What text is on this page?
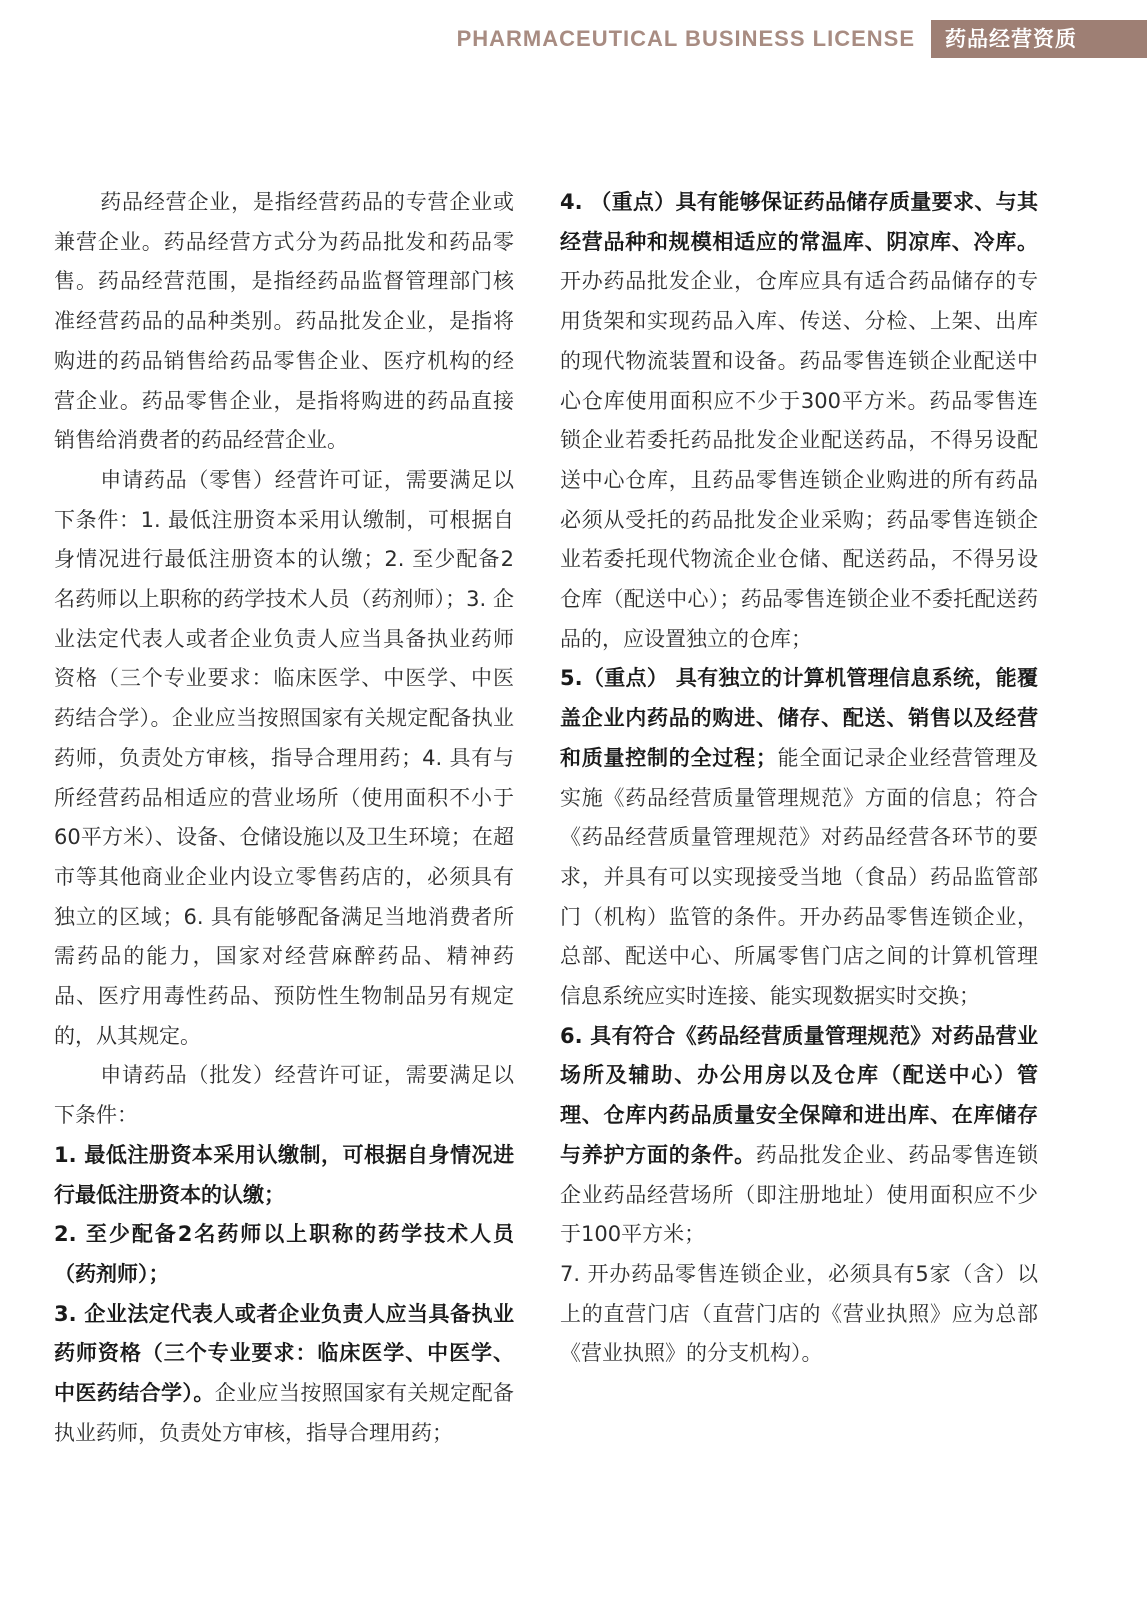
PHARMACEUTICAL BUSINESS LICENSE	药品经营资质

药品经营企业，是指经营药品的专营企业或兼营企业。药品经营方式分为药品批发和药品零售。药品经营范围，是指经药品监督管理部门核准经营药品的品种类别。药品批发企业，是指将购进的药品销售给药品零售企业、医疗机构的经营企业。药品零售企业，是指将购进的药品直接销售给消费者的药品经营企业。

申请药品（零售）经营许可证，需要满足以下条件：1. 最低注册资本采用认缴制，可根据自身情况进行最低注册资本的认缴；2. 至少配备2名药师以上职称的药学技术人员（药剂师）；3. 企业法定代表人或者企业负责人应当具备执业药师资格（三个专业要求：临床医学、中医学、中医药结合学）。企业应当按照国家有关规定配备执业药师，负责处方审核，指导合理用药；4. 具有与所经营药品相适应的营业场所（使用面积不小于60平方米）、设备、仓储设施以及卫生环境；在超市等其他商业企业内设立零售药店的，必须具有独立的区域；6. 具有能够配备满足当地消费者所需药品的能力，国家对经营麻醉药品、精神药品、医疗用毒性药品、预防性生物制品另有规定的，从其规定。

申请药品（批发）经营许可证，需要满足以下条件：

1. 最低注册资本采用认缴制，可根据自身情况进行最低注册资本的认缴；

2. 至少配备2名药师以上职称的药学技术人员（药剂师）；

3. 企业法定代表人或者企业负责人应当具备执业药师资格（三个专业要求：临床医学、中医学、中医药结合学）。企业应当按照国家有关规定配备执业药师，负责处方审核，指导合理用药；

4. （重点）具有能够保证药品储存质量要求、与其经营品种和规模相适应的常温库、阴凉库、冷库。开办药品批发企业，仓库应具有适合药品储存的专用货架和实现药品入库、传送、分检、上架、出库的现代物流装置和设备。药品零售连锁企业配送中心仓库使用面积应不少于300平方米。药品零售连锁企业若委托药品批发企业配送药品，不得另设配送中心仓库，且药品零售连锁企业购进的所有药品必须从受托的药品批发企业采购；药品零售连锁企业若委托现代物流企业仓储、配送药品，不得另设仓库（配送中心）；药品零售连锁企业不委托配送药品的，应设置独立的仓库；

5.（重点） 具有独立的计算机管理信息系统，能覆盖企业内药品的购进、储存、配送、销售以及经营和质量控制的全过程；能全面记录企业经营管理及实施《药品经营质量管理规范》方面的信息；符合《药品经营质量管理规范》对药品经营各环节的要求，并具有可以实现接受当地（食品）药品监管部门（机构）监管的条件。开办药品零售连锁企业，总部、配送中心、所属零售门店之间的计算机管理信息系统应实时连接、能实现数据实时交换；

6. 具有符合《药品经营质量管理规范》对药品营业场所及辅助、办公用房以及仓库（配送中心）管理、仓库内药品质量安全保障和进出库、在库储存与养护方面的条件。药品批发企业、药品零售连锁企业药品经营场所（即注册地址）使用面积应不少于100平方米；

7. 开办药品零售连锁企业，必须具有5家（含）以上的直营门店（直营门店的《营业执照》应为总部《营业执照》的分支机构）。
